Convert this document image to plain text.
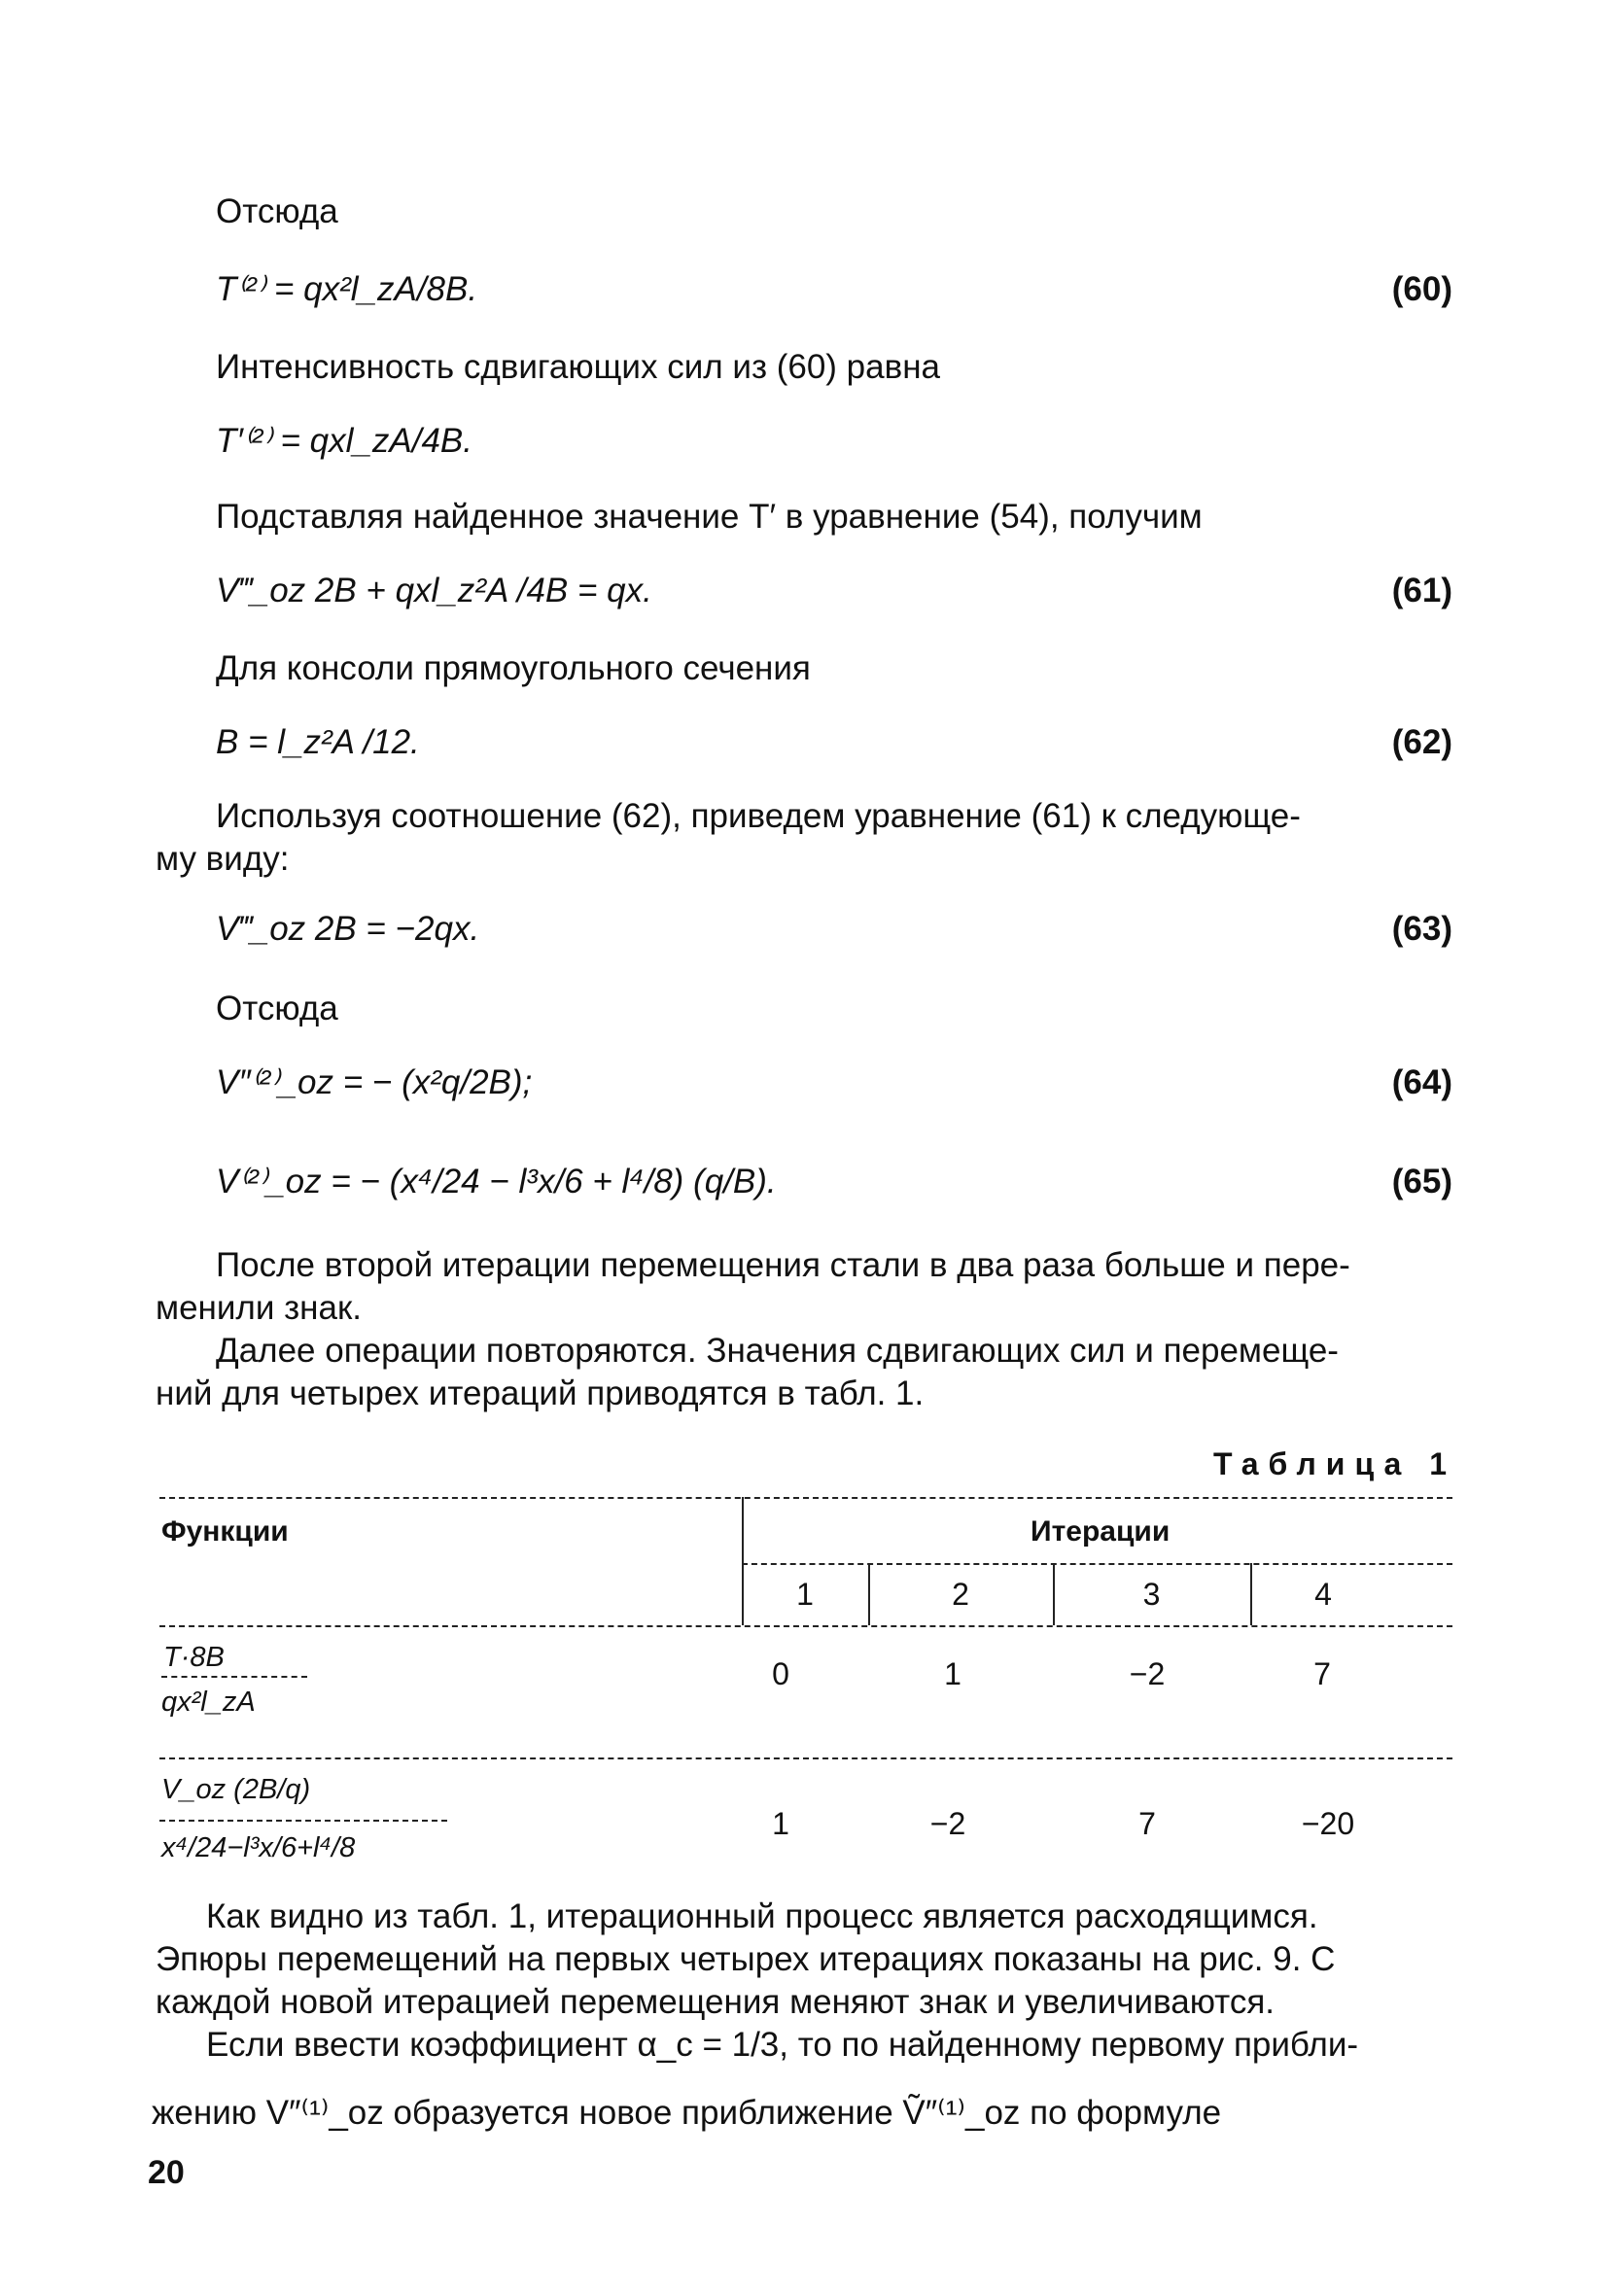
Отсюда
T⁽²⁾ = qx²l_zA/8B.	(60)
Интенсивность сдвигающих сил из (60) равна
T′⁽²⁾ = qxl_zA/4B.
Подставляя найденное значение T′ в уравнение (54), получим
V‴_oz 2B + qxl_z²A /4B = qx.	(61)
Для консоли прямоугольного сечения
B = l_z²A /12.	(62)
Используя соотношение (62), приведем уравнение (61) к следующе-
му виду:
V‴_oz 2B = −2qx.	(63)
Отсюда
V″⁽²⁾_oz = − (x²q/2B);	(64)
V⁽²⁾_oz = − (x⁴/24 − l³x/6 + l⁴/8) (q/B).	(65)
После второй итерации перемещения стали в два раза больше и пере-
менили знак.
Далее операции повторяются. Значения сдвигающих сил и перемеще-
ний для четырех итераций приводятся в табл. 1.
Таблица 1
Функции	Итерации
1	2	3	4
T·8B
qx²l_zA
0	1	−2	7
V_oz (2B/q)
x⁴/24−l³x/6+l⁴/8
1	−2	7	−20
Как видно из табл. 1, итерационный процесс является расходящимся.
Эпюры перемещений на первых четырех итерациях показаны на рис. 9. С
каждой новой итерацией перемещения меняют знак и увеличиваются.
Если ввести коэффициент α_c = 1/3, то по найденному первому прибли-
жению V″⁽¹⁾_oz образуется новое приближение Ṽ″⁽¹⁾_oz по формуле
20
